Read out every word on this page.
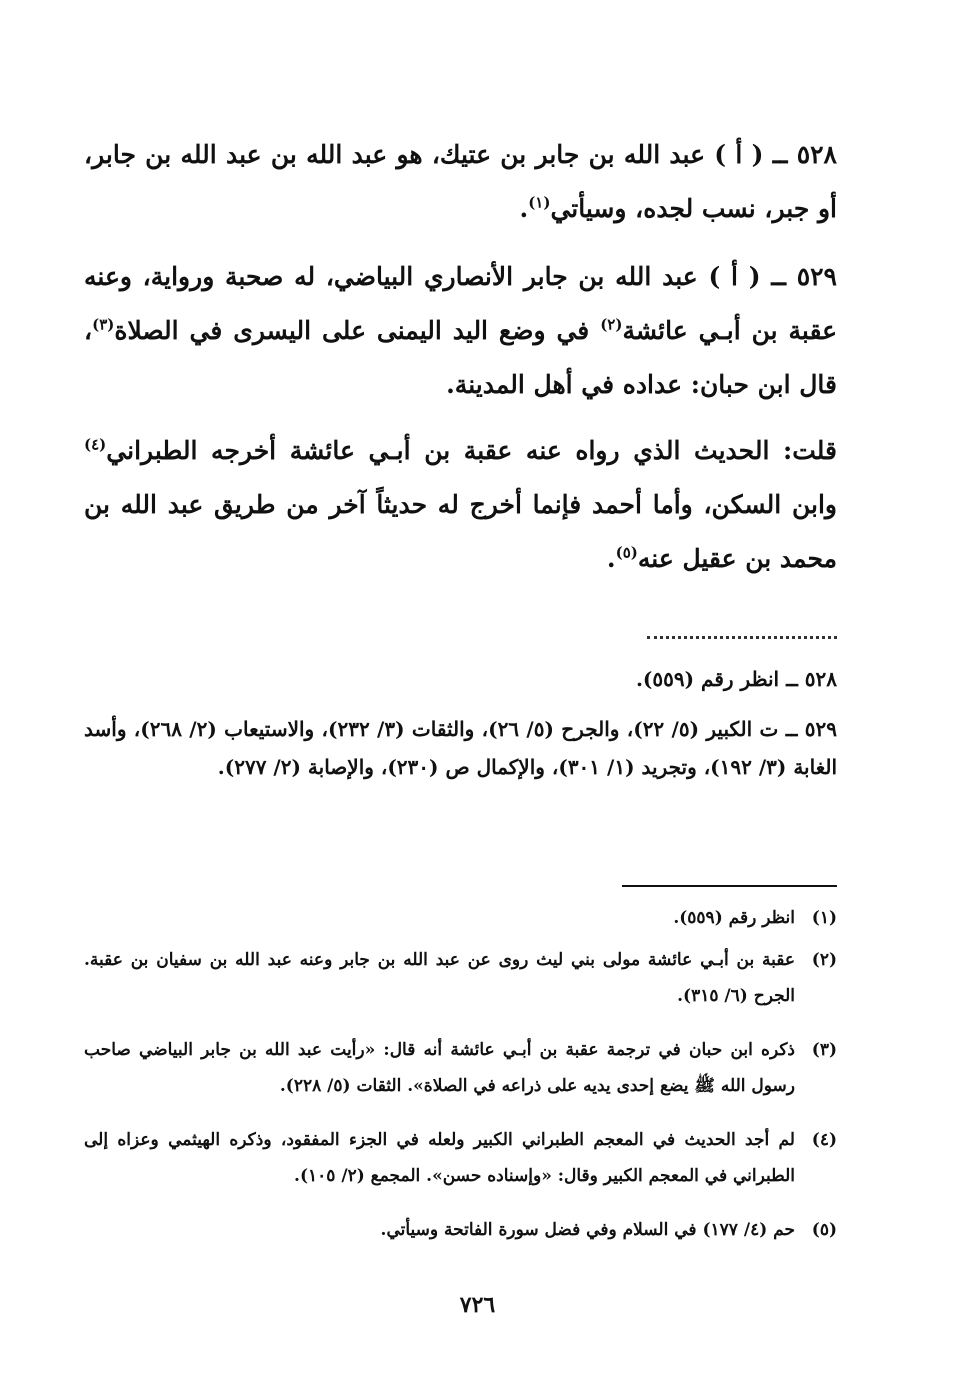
٥٢٨ ــ ( أ ) عبد الله بن جابر بن عتيك، هو عبد الله بن عبد الله بن جابر، أو جبر، نسب لجده، وسيأتي$^{(١)}$.

٥٢٩ ــ ( أ ) عبد الله بن جابر الأنصاري البياضي، له صحبة ورواية، وعنه عقبة بن أبـي عائشة$^{(٢)}$ في وضع اليد اليمنى على اليسرى في الصلاة$^{(٣)}$، قال ابن حبان: عداده في أهل المدينة.

قلت: الحديث الذي رواه عنه عقبة بن أبـي عائشة أخرجه الطبراني$^{(٤)}$ وابن السكن، وأما أحمد فإنما أخرج له حديثاً آخر من طريق عبد الله بن محمد بن عقيل عنه$^{(٥)}$.

٥٢٨ ــ انظر رقم (٥٥٩).

٥٢٩ ــ ت الكبير (٥/ ٢٢)، والجرح (٥/ ٢٦)، والثقات (٣/ ٢٣٢)، والاستيعاب (٢/ ٢٦٨)، وأسد الغابة (٣/ ١٩٢)، وتجريد (١/ ٣٠١)، والإكمال ص (٢٣٠)، والإصابة (٢/ ٢٧٧).

(١)
انظر رقم (٥٥٩).
(٢)
عقبة بن أبـي عائشة مولى بني ليث روى عن عبد الله بن جابر وعنه عبد الله بن سفيان بن عقبة. الجرح (٦/ ٣١٥).
(٣)
ذكره ابن حبان في ترجمة عقبة بن أبـي عائشة أنه قال: «رأيت عبد الله بن جابر البياضي صاحب رسول الله ﷺ يضع إحدى يديه على ذراعه في الصلاة». الثقات (٥/ ٢٢٨).
(٤)
لم أجد الحديث في المعجم الطبراني الكبير ولعله في الجزء المفقود، وذكره الهيثمي وعزاه إلى الطبراني في المعجم الكبير وقال: «وإسناده حسن». المجمع (٢/ ١٠٥).
(٥)
حم (٤/ ١٧٧) في السلام وفي فضل سورة الفاتحة وسيأتي.
٧٢٦
